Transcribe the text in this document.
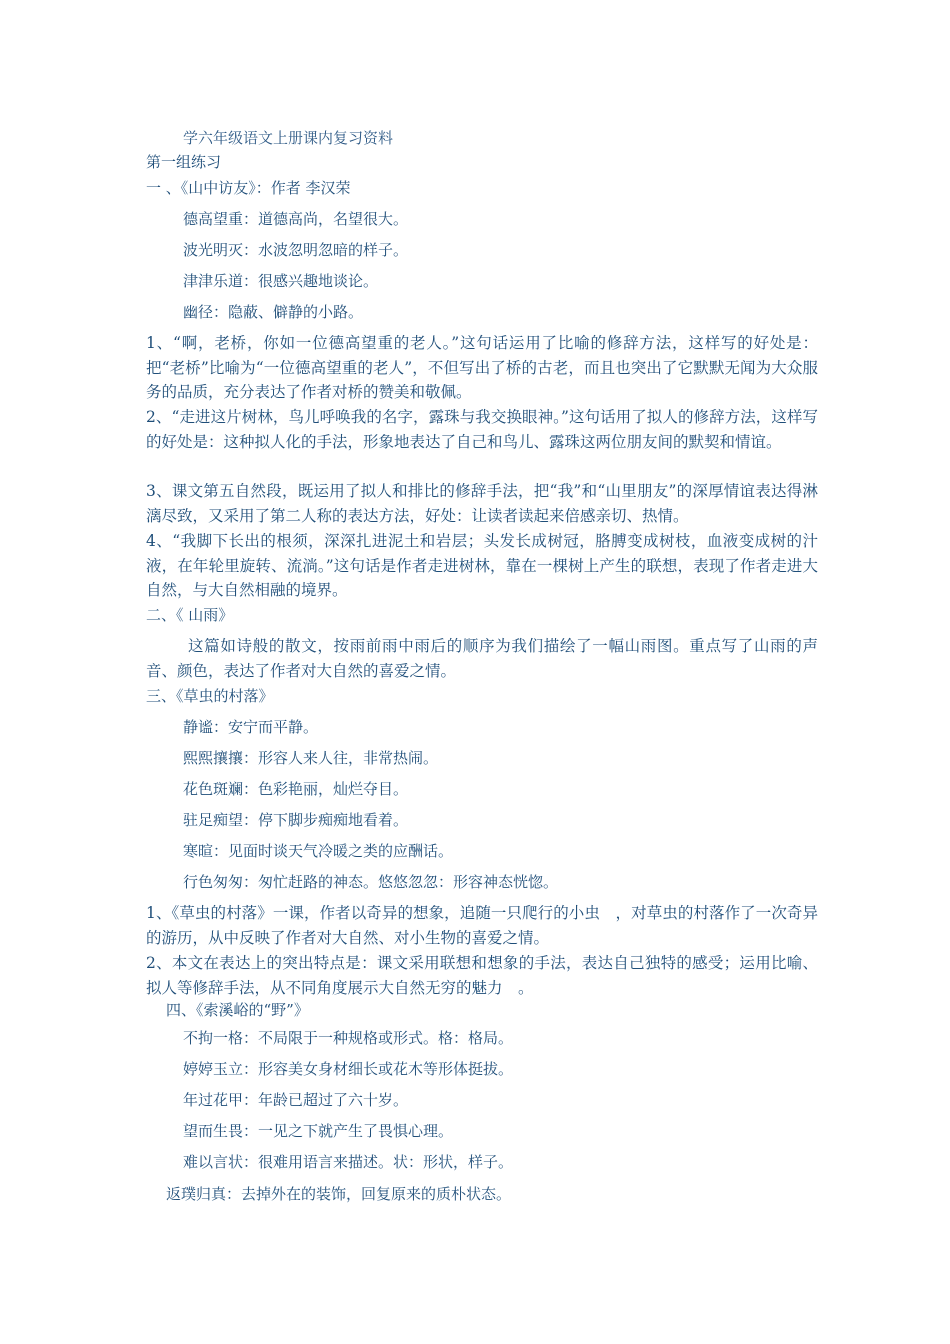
学六年级语文上册课内复习资料
第一组练习
一 、《山中访友》：作者 李汉荣
德高望重：道德高尚，名望很大。
波光明灭：水波忽明忽暗的样子。
津津乐道：很感兴趣地谈论。
幽径：隐蔽、僻静的小路。
1、“啊，老桥，你如一位德高望重的老人。”这句话运用了比喻的修辞方法，这样写的好处是：把“老桥”比喻为“一位德高望重的老人”，不但写出了桥的古老，而且也突出了它默默无闻为大众服务的品质，充分表达了作者对桥的赞美和敬佩。
2、“走进这片树林，鸟儿呼唤我的名字，露珠与我交换眼神。”这句话用了拟人的修辞方法，这样写的好处是：这种拟人化的手法，形象地表达了自己和鸟儿、露珠这两位朋友间的默契和情谊。
3、课文第五自然段，既运用了拟人和排比的修辞手法，把“我”和“山里朋友”的深厚情谊表达得淋漓尽致，又采用了第二人称的表达方法，好处：让读者读起来倍感亲切、热情。
4、“我脚下长出的根须，深深扎进泥土和岩层；头发长成树冠，胳膊变成树枝，血液变成树的汁液，在年轮里旋转、流淌。”这句话是作者走进树林，靠在一棵树上产生的联想，表现了作者走进大自然，与大自然相融的境界。
二、《 山雨》
这篇如诗般的散文，按雨前雨中雨后的顺序为我们描绘了一幅山雨图。重点写了山雨的声音、颜色，表达了作者对大自然的喜爱之情。
三、《草虫的村落》
静谧：安宁而平静。
熙熙攘攘：形容人来人往，非常热闹。
花色斑斓：色彩艳丽，灿烂夺目。
驻足痴望：停下脚步痴痴地看着。
寒暄：见面时谈天气冷暖之类的应酬话。
行色匆匆：匆忙赶路的神态。悠悠忽忽：形容神态恍惚。
1、《草虫的村落》一课，作者以奇异的想象，追随一只爬行的小虫　，对草虫的村落作了一次奇异的游历，从中反映了作者对大自然、对小生物的喜爱之情。
2、本文在表达上的突出特点是：课文采用联想和想象的手法，表达自己独特的感受；运用比喻、拟人等修辞手法，从不同角度展示大自然无穷的魅力　。
四、《索溪峪的“野”》
不拘一格：不局限于一种规格或形式。格：格局。
婷婷玉立：形容美女身材细长或花木等形体挺拔。
年过花甲：年龄已超过了六十岁。
望而生畏：一见之下就产生了畏惧心理。
难以言状：很难用语言来描述。状：形状，样子。
返璞归真：去掉外在的装饰，回复原来的质朴状态。
